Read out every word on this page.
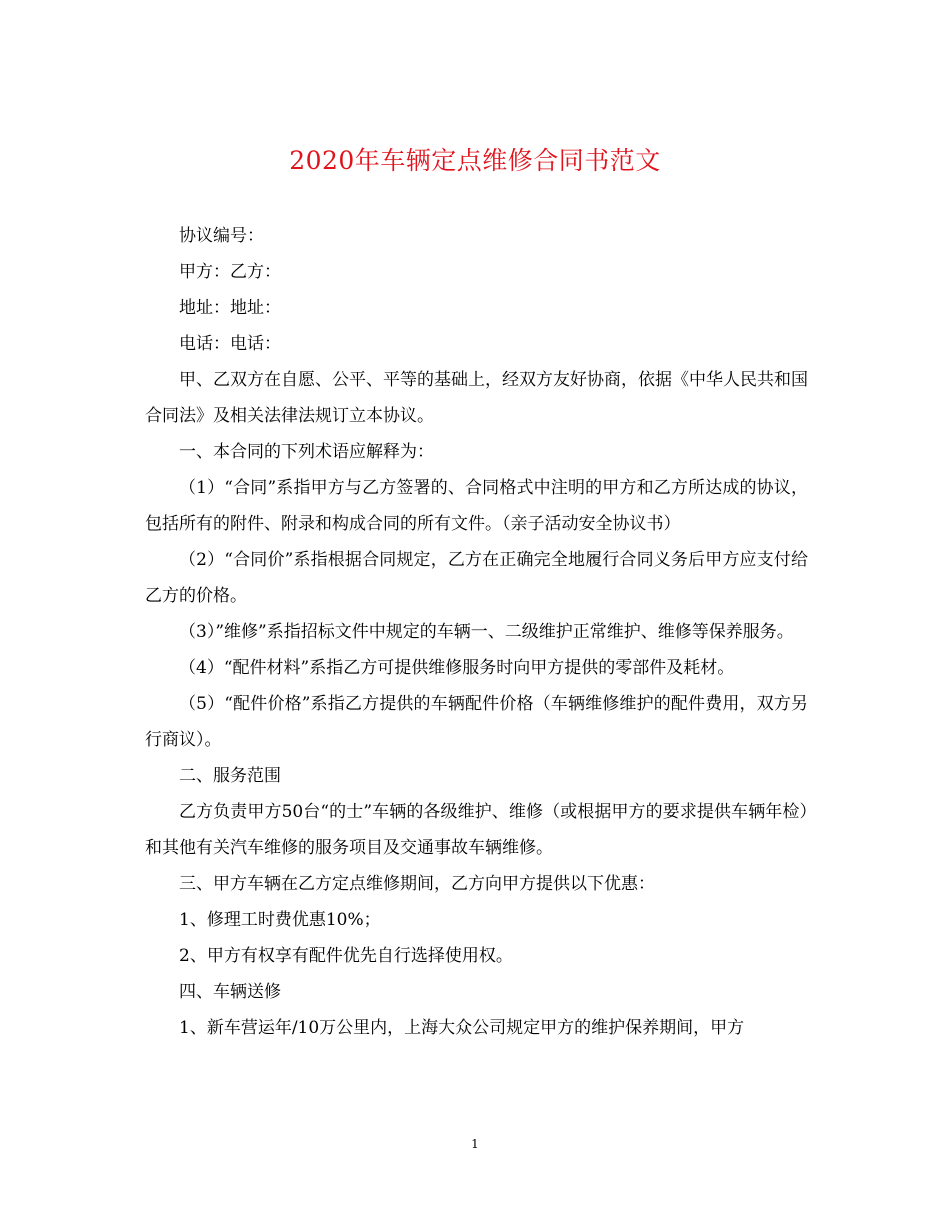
2020年车辆定点维修合同书范文

协议编号：

甲方：乙方：

地址：地址：

电话：电话：

甲、乙双方在自愿、公平、平等的基础上，经双方友好协商，依据《中华人民共和国合同法》及相关法律法规订立本协议。

一、本合同的下列术语应解释为：

（1）“合同”系指甲方与乙方签署的、合同格式中注明的甲方和乙方所达成的协议，包括所有的附件、附录和构成合同的所有文件。（亲子活动安全协议书）

（2）“合同价”系指根据合同规定，乙方在正确完全地履行合同义务后甲方应支付给乙方的价格。

（3）”维修”系指招标文件中规定的车辆一、二级维护正常维护、维修等保养服务。

（4）“配件材料”系指乙方可提供维修服务时向甲方提供的零部件及耗材。

（5）“配件价格”系指乙方提供的车辆配件价格（车辆维修维护的配件费用，双方另行商议）。

二、服务范围

乙方负责甲方50台“的士”车辆的各级维护、维修（或根据甲方的要求提供车辆年检）和其他有关汽车维修的服务项目及交通事故车辆维修。

三、甲方车辆在乙方定点维修期间，乙方向甲方提供以下优惠：

1、修理工时费优惠10%；

2、甲方有权享有配件优先自行选择使用权。

四、车辆送修

1、新车营运年/10万公里内，上海大众公司规定甲方的维护保养期间，甲方

1
